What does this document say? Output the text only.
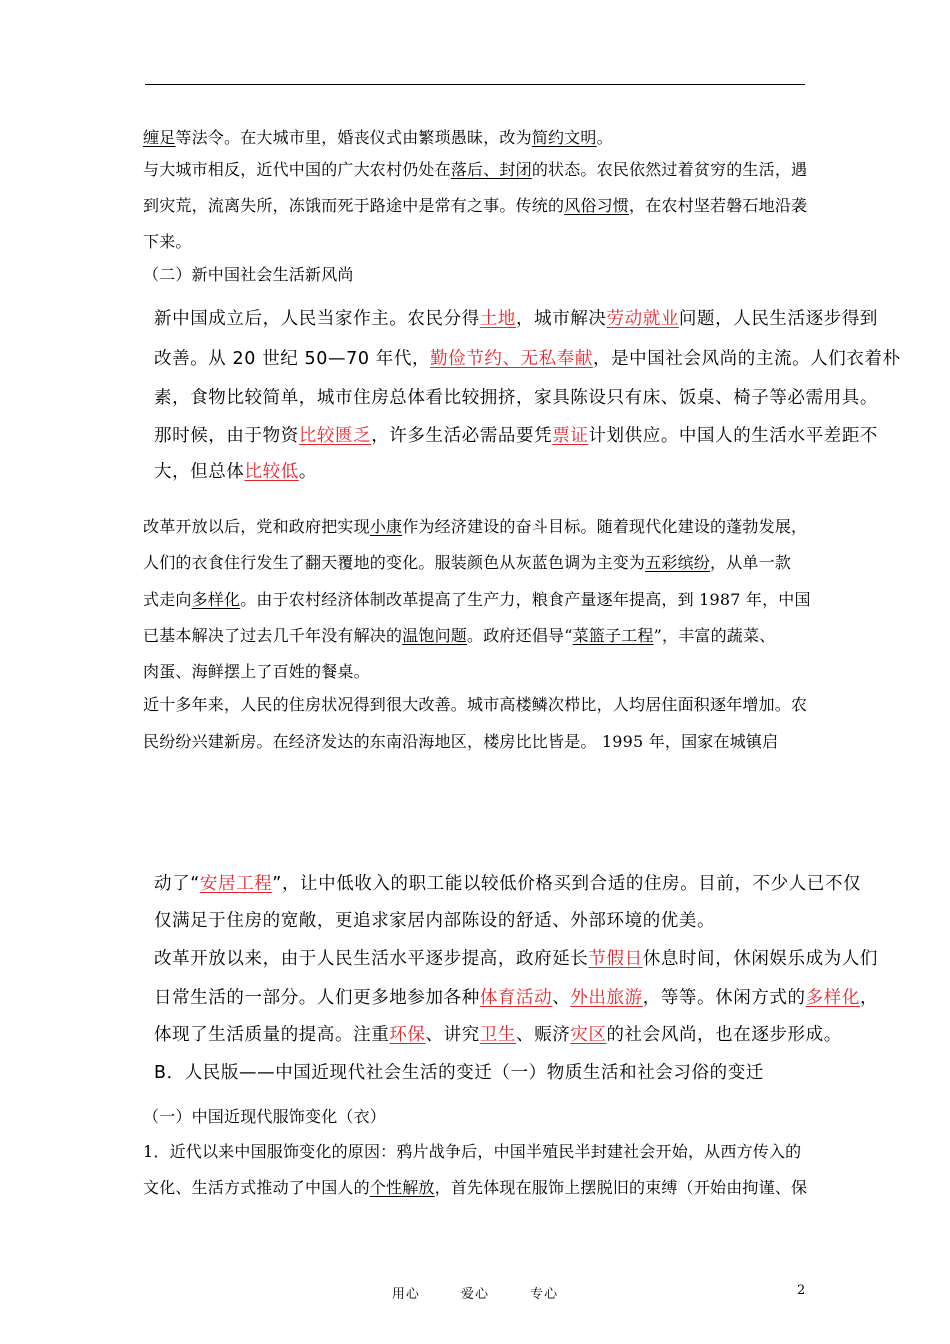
缠足等法令。在大城市里，婚丧仪式由繁琐愚昧，改为简约文明。
与大城市相反，近代中国的广大农村仍处在落后、封闭的状态。农民依然过着贫穷的生活，遇
到灾荒，流离失所，冻饿而死于路途中是常有之事。传统的风俗习惯，在农村坚若磐石地沿袭
下来。
（二）新中国社会生活新风尚
新中国成立后，人民当家作主。农民分得土地，城市解决劳动就业问题，人民生活逐步得到
改善。从 20 世纪 50—70 年代，勤俭节约、无私奉献，是中国社会风尚的主流。人们衣着朴
素，食物比较简单，城市住房总体看比较拥挤，家具陈设只有床、饭桌、椅子等必需用具。
那时候，由于物资比较匮乏，许多生活必需品要凭票证计划供应。中国人的生活水平差距不
大，但总体比较低。
改革开放以后，党和政府把实现小康作为经济建设的奋斗目标。随着现代化建设的蓬勃发展，
人们的衣食住行发生了翻天覆地的变化。服装颜色从灰蓝色调为主变为五彩缤纷，从单一款
式走向多样化。由于农村经济体制改革提高了生产力，粮食产量逐年提高，到 1987 年，中国
已基本解决了过去几千年没有解决的温饱问题。政府还倡导“菜篮子工程”，丰富的蔬菜、
肉蛋、海鲜摆上了百姓的餐桌。
近十多年来，人民的住房状况得到很大改善。城市高楼鳞次栉比，人均居住面积逐年增加。农
民纷纷兴建新房。在经济发达的东南沿海地区，楼房比比皆是。 1995 年，国家在城镇启
动了“安居工程”，让中低收入的职工能以较低价格买到合适的住房。目前，不少人已不仅
仅满足于住房的宽敞，更追求家居内部陈设的舒适、外部环境的优美。
改革开放以来，由于人民生活水平逐步提高，政府延长节假日休息时间，休闲娱乐成为人们
日常生活的一部分。人们更多地参加各种体育活动、外出旅游，等等。休闲方式的多样化，
体现了生活质量的提高。注重环保、讲究卫生、赈济灾区的社会风尚，也在逐步形成。
B．人民版——中国近现代社会生活的变迁（一）物质生活和社会习俗的变迁
（一）中国近现代服饰变化（衣）
1．近代以来中国服饰变化的原因：鸦片战争后，中国半殖民半封建社会开始，从西方传入的
文化、生活方式推动了中国人的个性解放，首先体现在服饰上摆脱旧的束缚（开始由拘谨、保
用心	爱心	专心	2
